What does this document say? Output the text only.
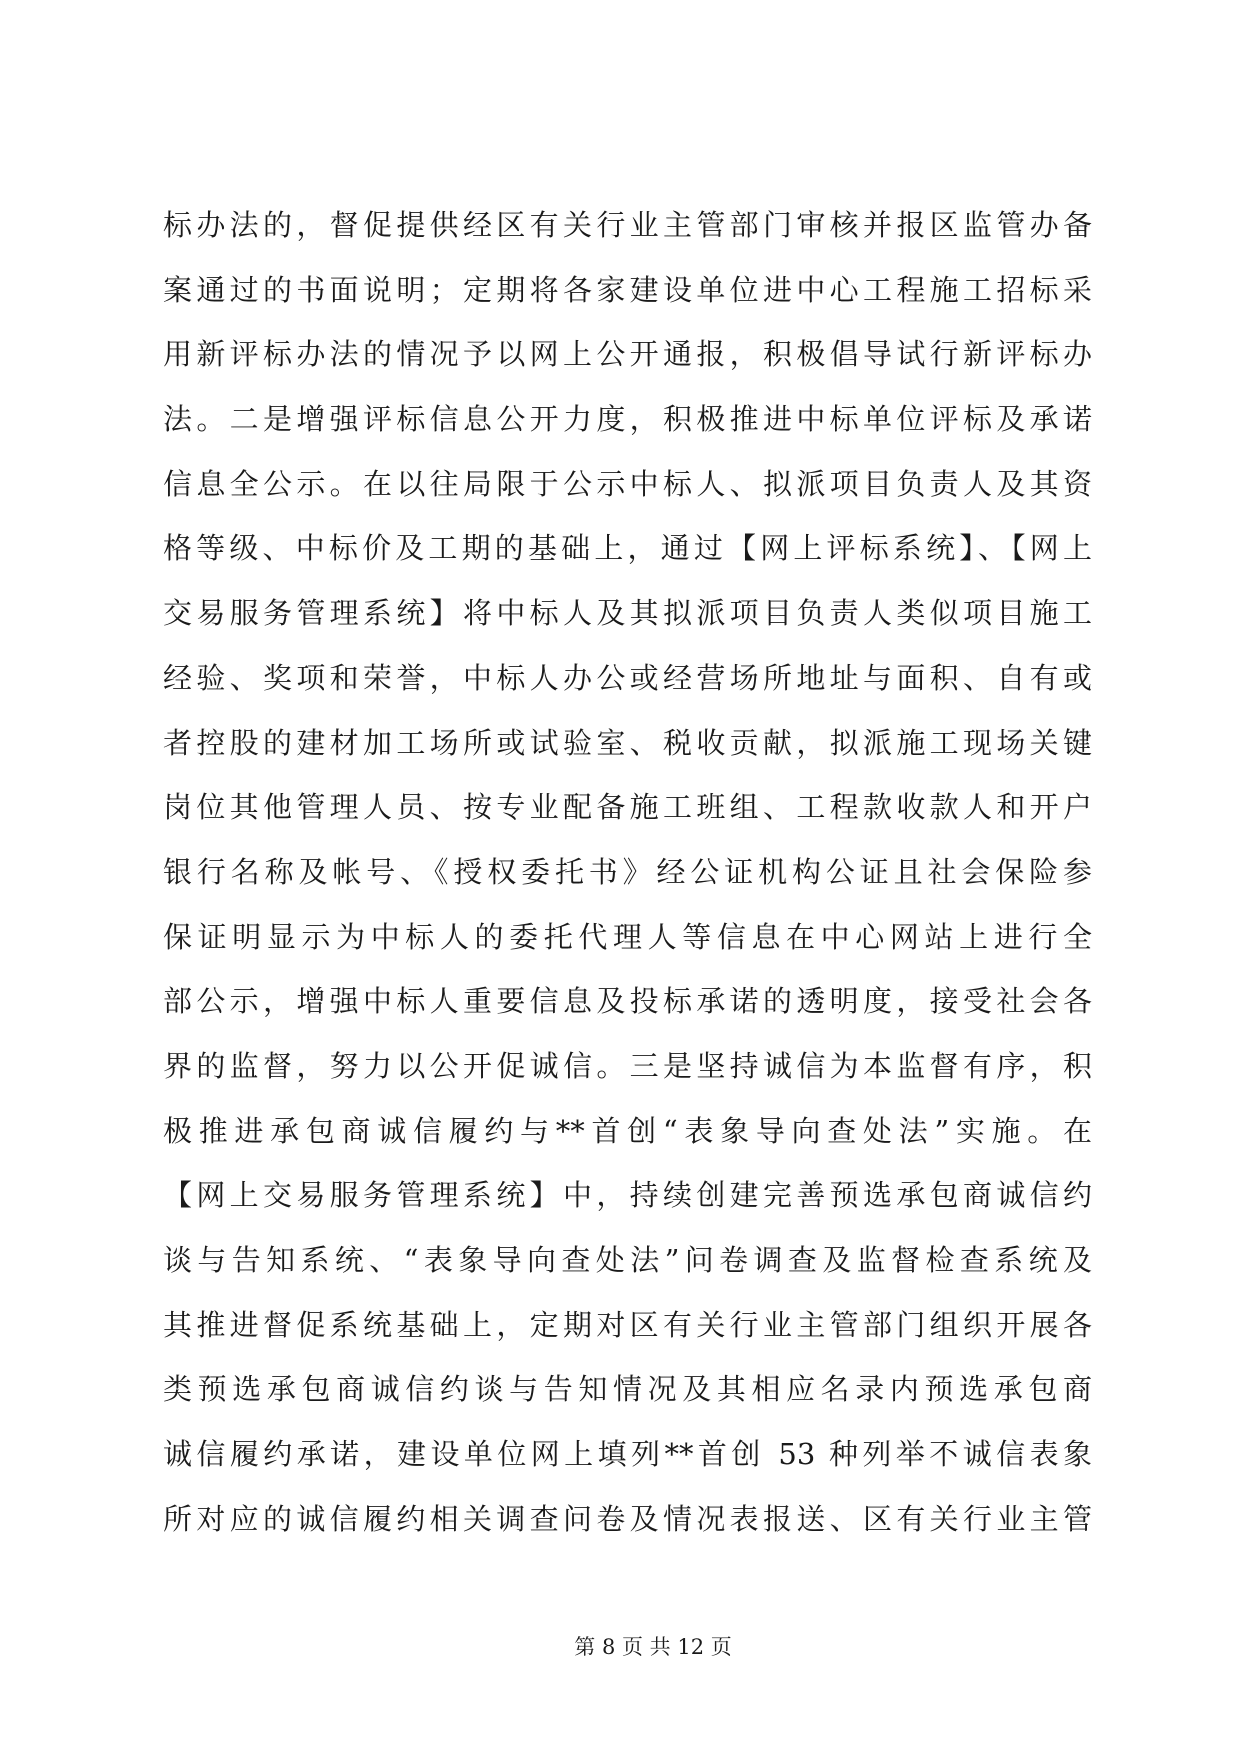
标办法的，督促提供经区有关行业主管部门审核并报区监管办备
案通过的书面说明；定期将各家建设单位进中心工程施工招标采
用新评标办法的情况予以网上公开通报，积极倡导试行新评标办
法。二是增强评标信息公开力度，积极推进中标单位评标及承诺
信息全公示。在以往局限于公示中标人、拟派项目负责人及其资
格等级、中标价及工期的基础上，通过【网上评标系统】、【网上
交易服务管理系统】将中标人及其拟派项目负责人类似项目施工
经验、奖项和荣誉，中标人办公或经营场所地址与面积、自有或
者控股的建材加工场所或试验室、税收贡献，拟派施工现场关键
岗位其他管理人员、按专业配备施工班组、工程款收款人和开户
银行名称及帐号、《授权委托书》经公证机构公证且社会保险参
保证明显示为中标人的委托代理人等信息在中心网站上进行全
部公示，增强中标人重要信息及投标承诺的透明度，接受社会各
界的监督，努力以公开促诚信。三是坚持诚信为本监督有序，积
极推进承包商诚信履约与**首创“表象导向查处法”实施。在
【网上交易服务管理系统】中，持续创建完善预选承包商诚信约
谈与告知系统、“表象导向查处法”问卷调查及监督检查系统及
其推进督促系统基础上，定期对区有关行业主管部门组织开展各
类预选承包商诚信约谈与告知情况及其相应名录内预选承包商
诚信履约承诺，建设单位网上填列**首创 53 种列举不诚信表象
所对应的诚信履约相关调查问卷及情况表报送、区有关行业主管
第 8 页 共 12 页
